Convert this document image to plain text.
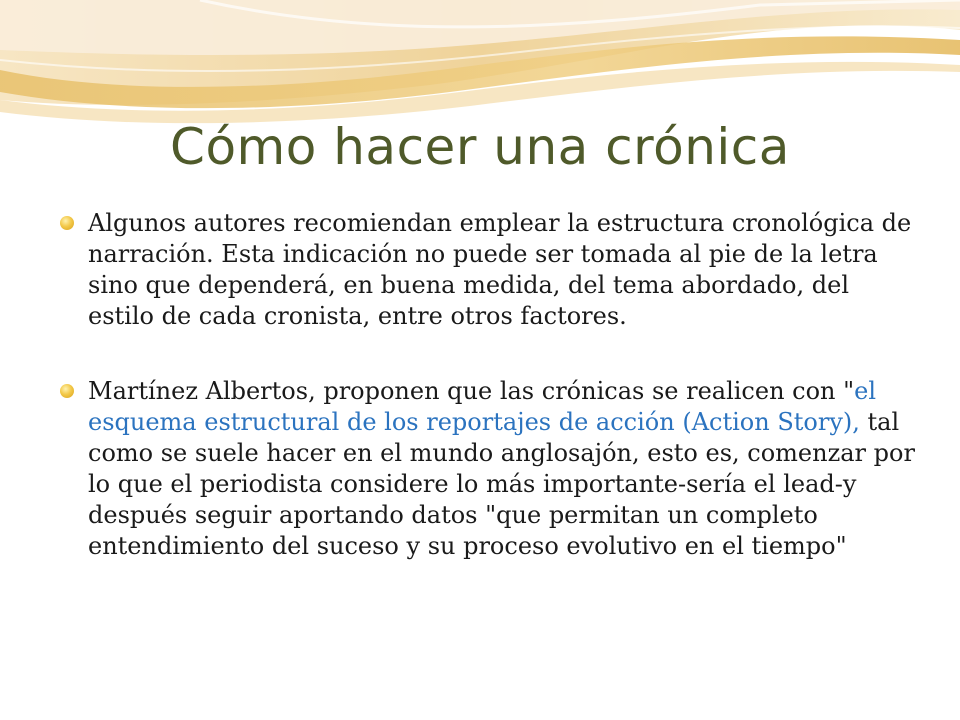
Cómo hacer una crónica

Algunos autores recomiendan emplear la estructura cronológica de narración. Esta indicación no puede ser tomada al pie de la letra sino que dependerá, en buena medida, del tema abordado, del estilo de cada cronista, entre otros factores.

Martínez Albertos, proponen que las crónicas se realicen con "el esquema estructural de los reportajes de acción (Action Story), tal como se suele hacer en el mundo anglosajón, esto es, comenzar por lo que el periodista considere lo más importante-sería el lead-y después seguir aportando datos "que permitan un completo entendimiento del suceso y su proceso evolutivo en el tiempo"
